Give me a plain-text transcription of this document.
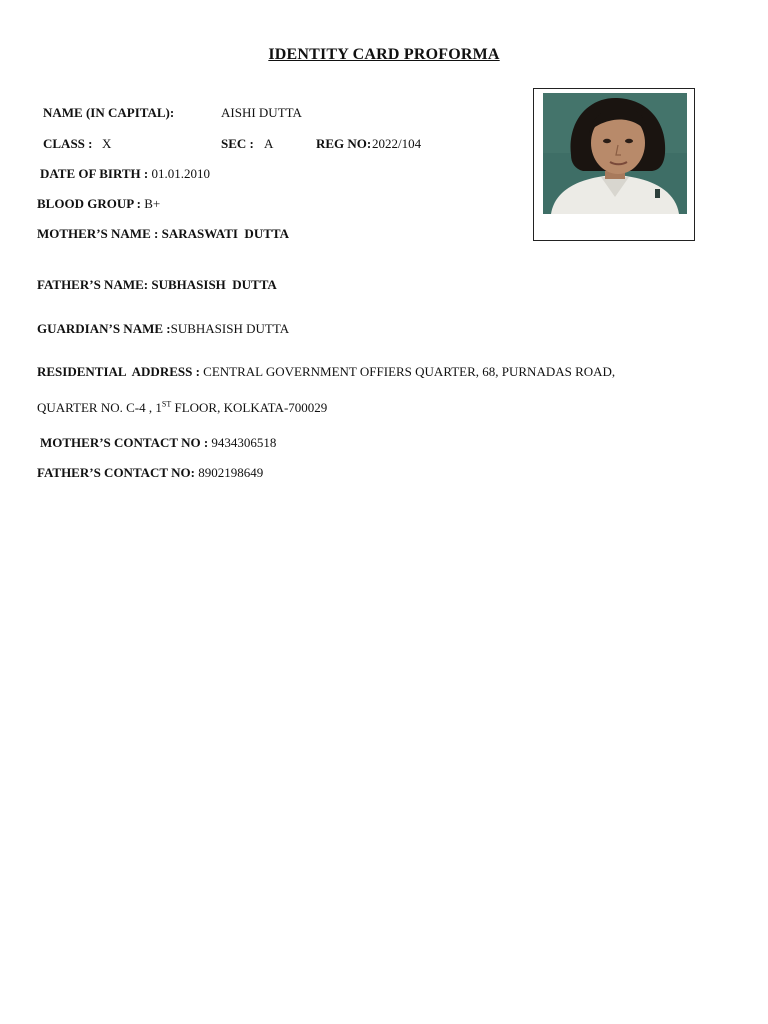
IDENTITY CARD PROFORMA
NAME (IN CAPITAL):	AISHI DUTTA
CLASS : X	SEC : A	REG NO: 2022/104
DATE OF BIRTH : 01.01.2010
BLOOD GROUP : B+
MOTHER’S NAME : SARASWATI  DUTTA
FATHER’S NAME: SUBHASISH  DUTTA
GUARDIAN’S NAME :SUBHASISH DUTTA
RESIDENTIAL  ADDRESS : CENTRAL GOVERNMENT OFFIERS QUARTER, 68, PURNADAS ROAD,
QUARTER NO. C-4 , 1ST FLOOR, KOLKATA-700029
MOTHER’S CONTACT NO : 9434306518
FATHER’S CONTACT NO: 8902198649
